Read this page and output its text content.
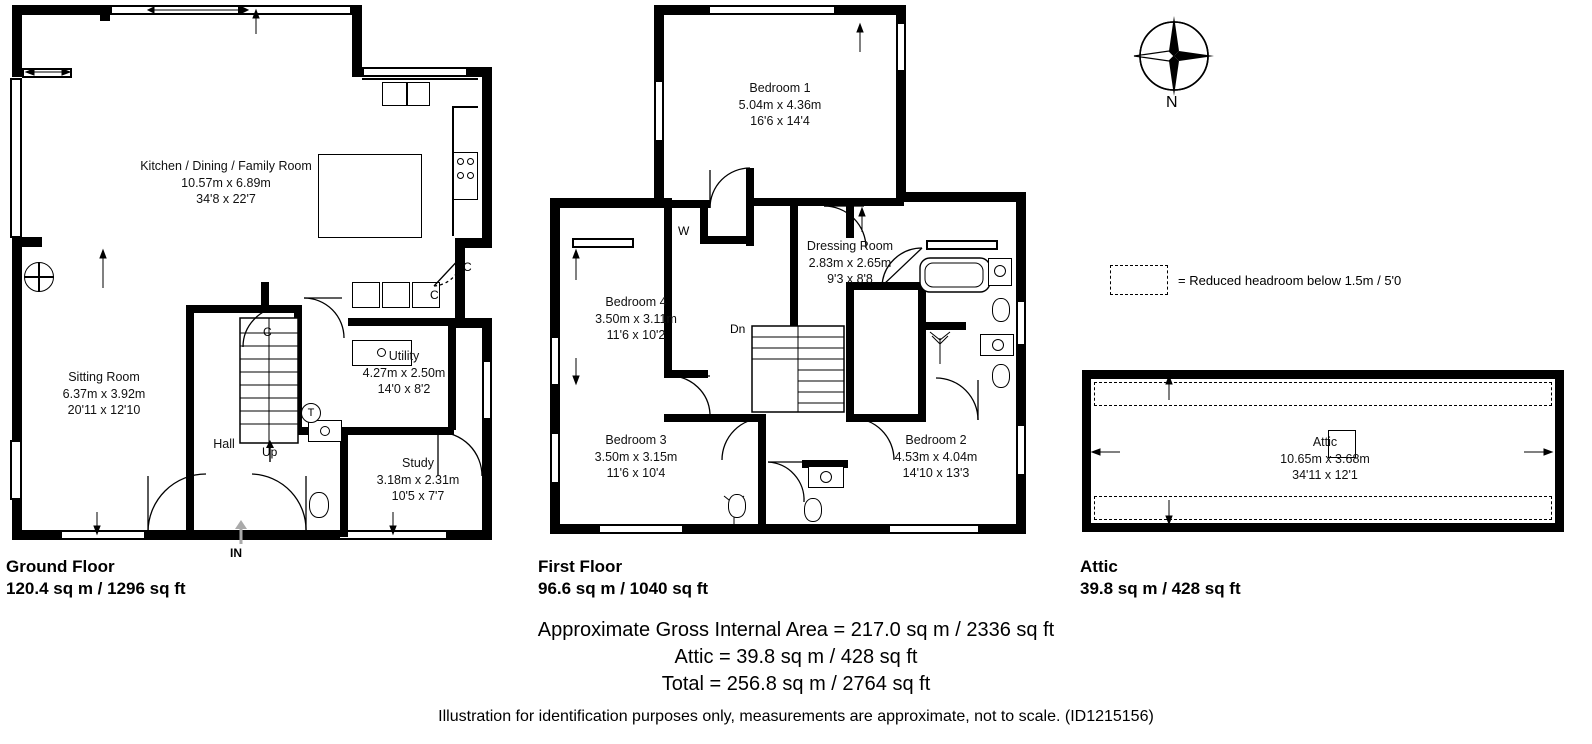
C
C
C
T
Up
IN
Kitchen / Dining / Family Room
10.57m x 6.89m
34'8 x 22'7
Sitting Room
6.37m x 3.92m
20'11 x 12'10
Utility
4.27m x 2.50m
14'0 x 8'2
Study
3.18m x 2.31m
10'5 x 7'7
Hall
Dn
W
Bedroom 1
5.04m x 4.36m
16'6 x 14'4
Dressing Room
2.83m x 2.65m
9'3 x 8'8
Bedroom 4
3.50m x 3.11m
11'6 x 10'2
Bedroom 3
3.50m x 3.15m
11'6 x 10'4
Bedroom 2
4.53m x 4.04m
14'10 x 13'3
Attic
10.65m x 3.68m
34'11 x 12'1
N
= Reduced headroom below 1.5m / 5'0
Ground Floor
120.4 sq m / 1296 sq ft
First Floor
96.6 sq m / 1040 sq ft
Attic
39.8 sq m / 428 sq ft
Approximate Gross Internal Area = 217.0 sq m / 2336 sq ft
Attic = 39.8 sq m / 428 sq ft
Total = 256.8 sq m / 2764 sq ft
Illustration for identification purposes only, measurements are approximate, not to scale. (ID1215156)
